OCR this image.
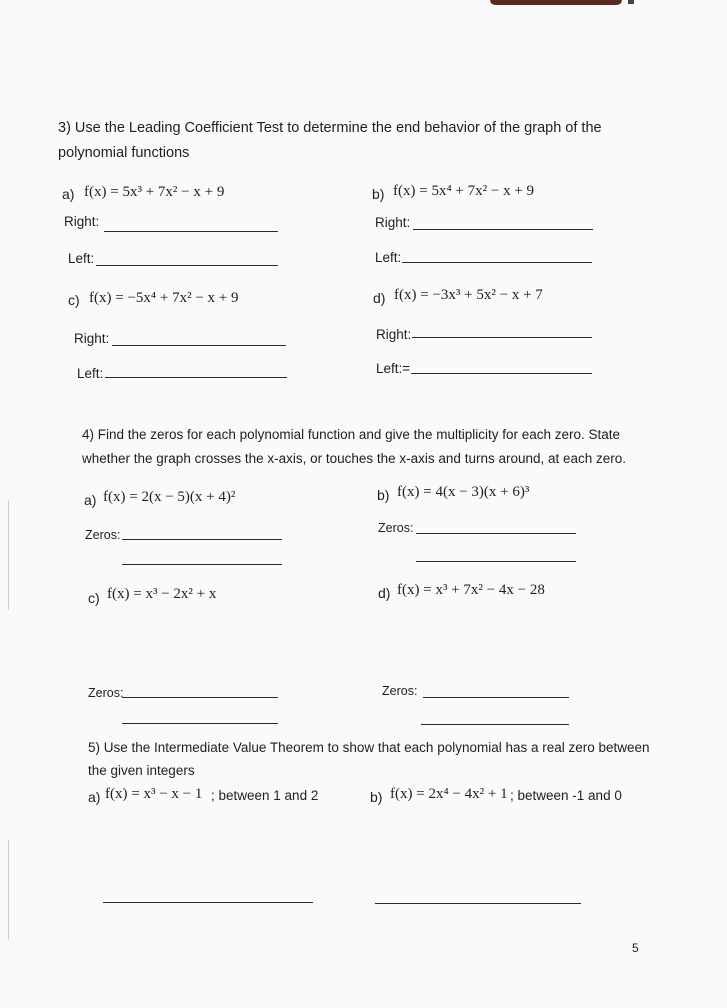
3) Use the Leading Coefficient Test to determine the end behavior of the graph of the
polynomial functions
a) f(x) = 5x³ + 7x² − x + 9
Right:
Left:
b) f(x) = 5x⁴ + 7x² − x + 9
Right:
Left:
c) f(x) = −5x⁴ + 7x² − x + 9
Right:
Left:
d) f(x) = −3x³ + 5x² − x + 7
Right:
Left:=
4) Find the zeros for each polynomial function and give the multiplicity for each zero. State
whether the graph crosses the x-axis, or touches the x-axis and turns around, at each zero.
a) f(x) = 2(x − 5)(x + 4)²
Zeros:
b) f(x) = 4(x − 3)(x + 6)³
Zeros:
c) f(x) = x³ − 2x² + x
Zeros:
d) f(x) = x³ + 7x² − 4x − 28
Zeros:
5) Use the Intermediate Value Theorem to show that each polynomial has a real zero between
the given integers
a) f(x) = x³ − x − 1 ; between 1 and 2	b) f(x) = 2x⁴ − 4x² + 1 ; between -1 and 0
5
